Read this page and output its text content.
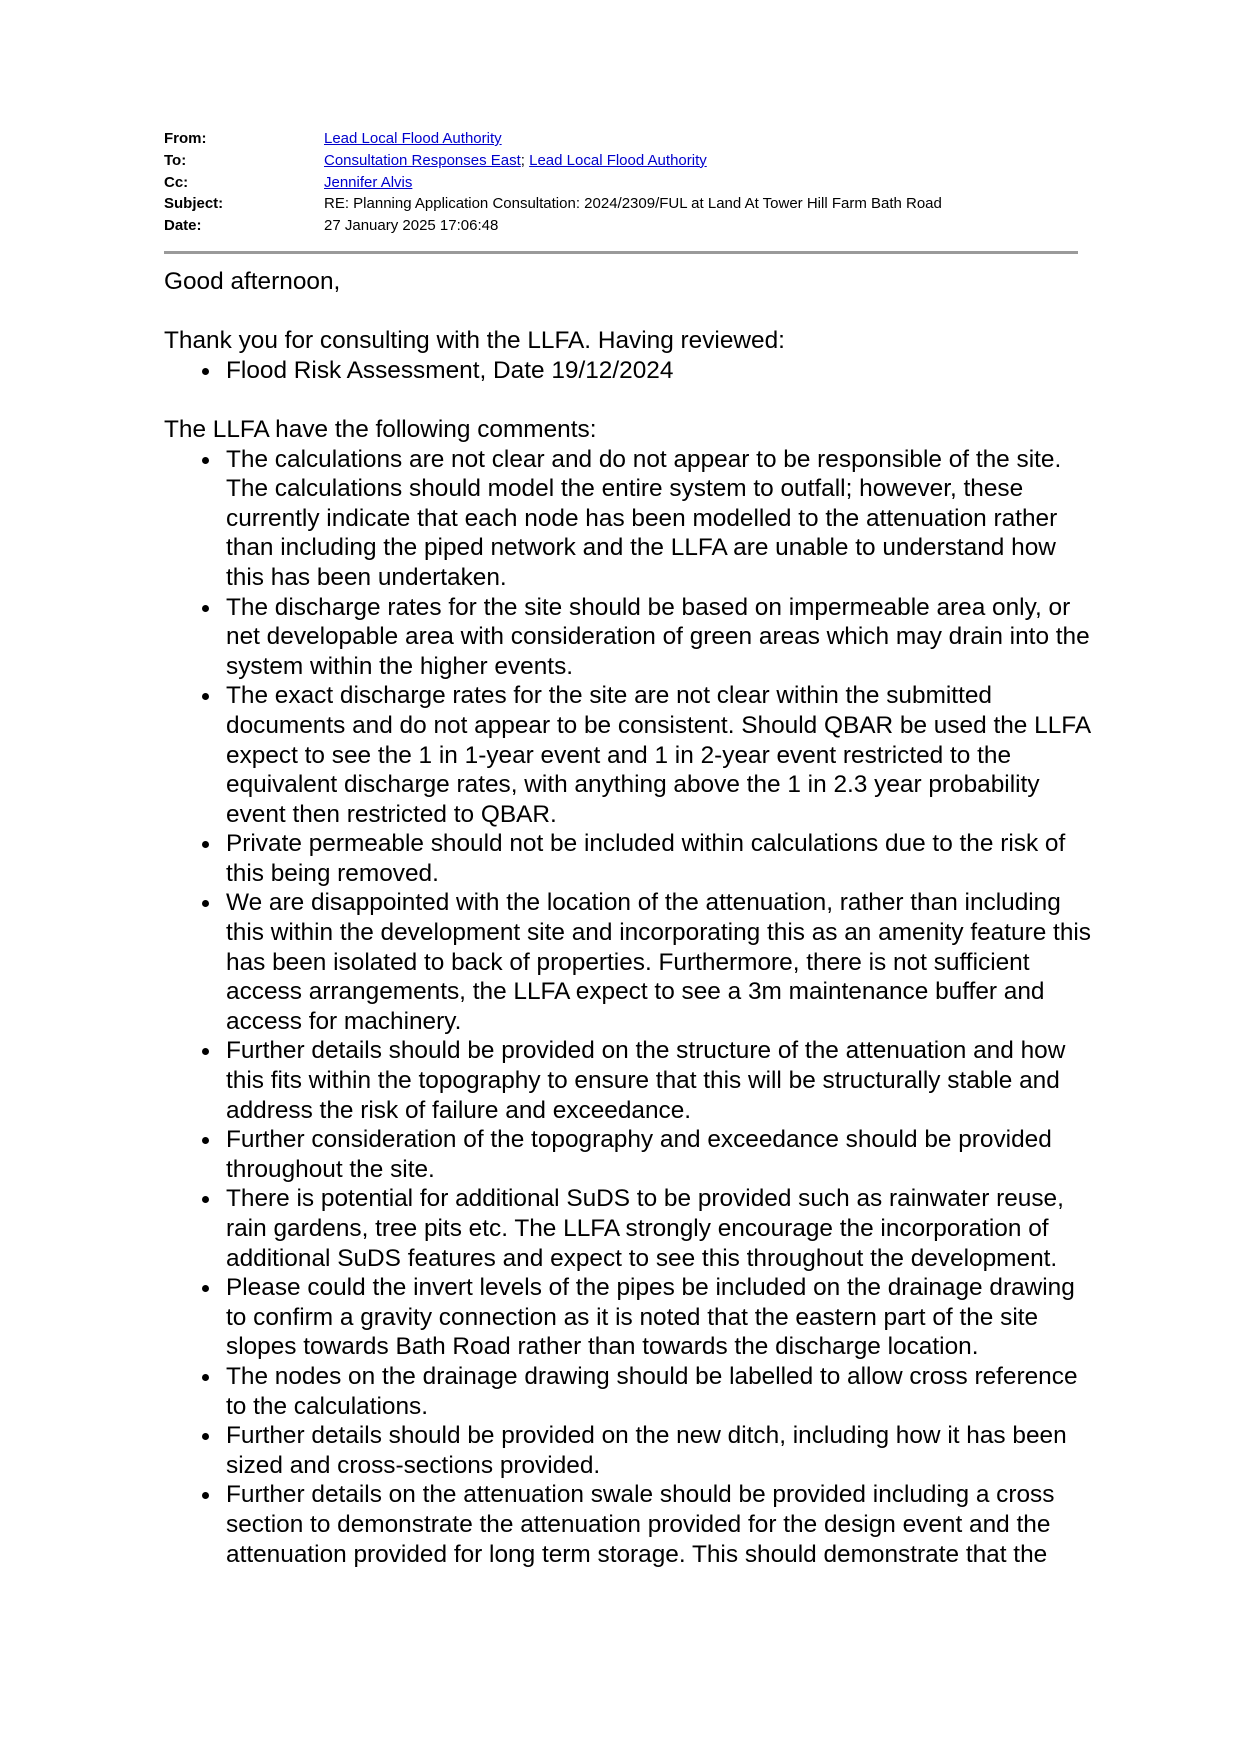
From:	Lead Local Flood Authority
To:	Consultation Responses East; Lead Local Flood Authority
Cc:	Jennifer Alvis
Subject:	RE: Planning Application Consultation: 2024/2309/FUL at Land At Tower Hill Farm Bath Road
Date:	27 January 2025 17:06:48

Good afternoon,

Thank you for consulting with the LLFA. Having reviewed:

Flood Risk Assessment, Date 19/12/2024

The LLFA have the following comments:

The calculations are not clear and do not appear to be responsible of the site. The calculations should model the entire system to outfall; however, these currently indicate that each node has been modelled to the attenuation rather than including the piped network and the LLFA are unable to understand how this has been undertaken.
The discharge rates for the site should be based on impermeable area only, or net developable area with consideration of green areas which may drain into the system within the higher events.
The exact discharge rates for the site are not clear within the submitted documents and do not appear to be consistent. Should QBAR be used the LLFA expect to see the 1 in 1-year event and 1 in 2-year event restricted to the equivalent discharge rates, with anything above the 1 in 2.3 year probability event then restricted to QBAR.
Private permeable should not be included within calculations due to the risk of this being removed.
We are disappointed with the location of the attenuation, rather than including this within the development site and incorporating this as an amenity feature this has been isolated to back of properties. Furthermore, there is not sufficient access arrangements, the LLFA expect to see a 3m maintenance buffer and access for machinery.
Further details should be provided on the structure of the attenuation and how this fits within the topography to ensure that this will be structurally stable and address the risk of failure and exceedance.
Further consideration of the topography and exceedance should be provided throughout the site.
There is potential for additional SuDS to be provided such as rainwater reuse, rain gardens, tree pits etc. The LLFA strongly encourage the incorporation of additional SuDS features and expect to see this throughout the development.
Please could the invert levels of the pipes be included on the drainage drawing to confirm a gravity connection as it is noted that the eastern part of the site slopes towards Bath Road rather than towards the discharge location.
The nodes on the drainage drawing should be labelled to allow cross reference to the calculations.
Further details should be provided on the new ditch, including how it has been sized and cross-sections provided.
Further details on the attenuation swale should be provided including a cross section to demonstrate the attenuation provided for the design event and the attenuation provided for long term storage. This should demonstrate that the
